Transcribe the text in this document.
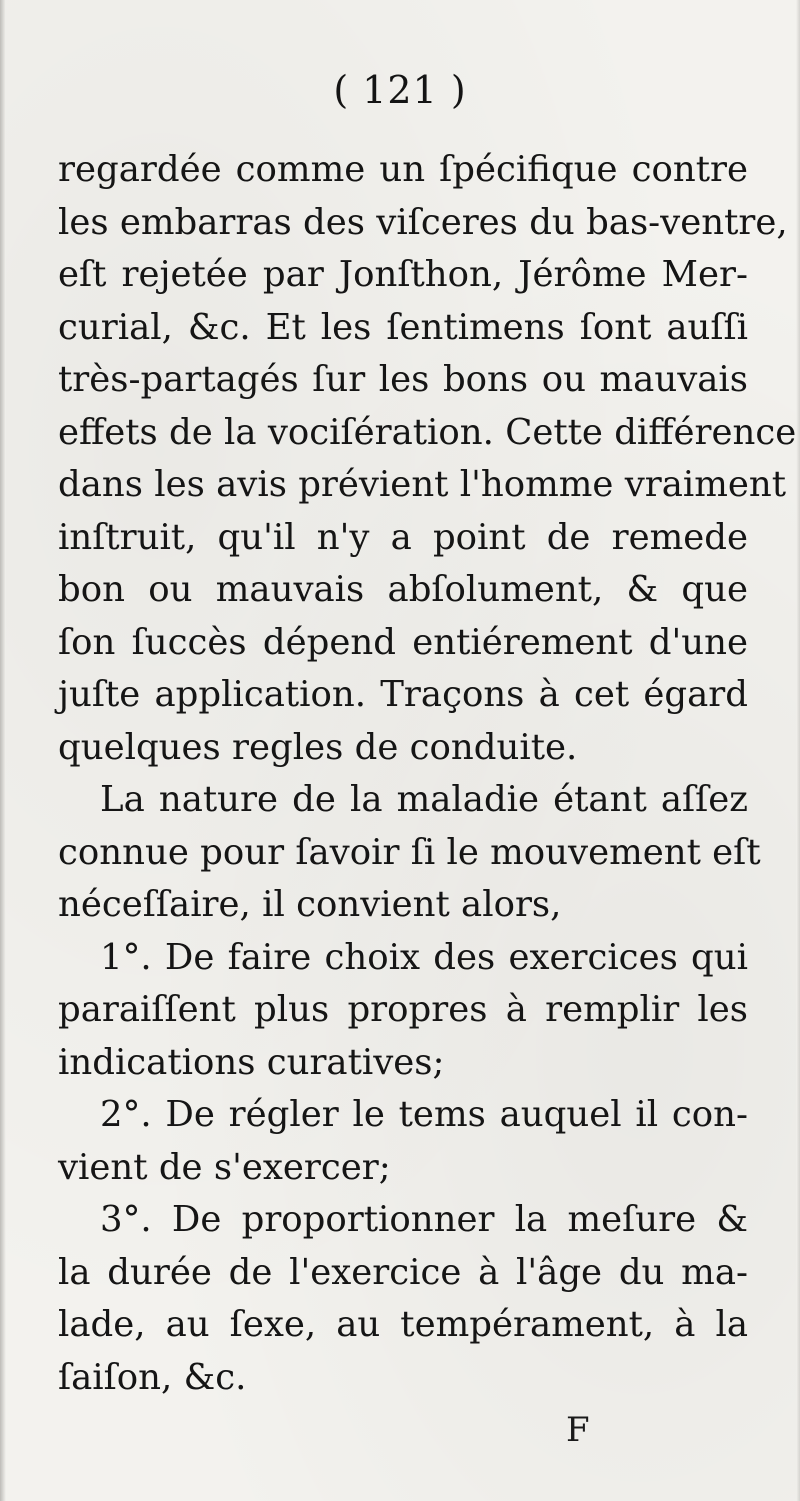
( 121 )
regardée comme un ſpécifique contre
les embarras des viſceres du bas-ventre,
eſt rejetée par Jonſthon, Jérôme Mer-
curial, &c. Et les ſentimens ſont auſſi
très-partagés ſur les bons ou mauvais
effets de la vociſération. Cette différence
dans les avis prévient l'homme vraiment
inſtruit, qu'il n'y a point de remede
bon ou mauvais abſolument, & que
ſon ſuccès dépend entiérement d'une
juſte application. Traçons à cet égard
quelques regles de conduite.
La nature de la maladie étant aſſez
connue pour ſavoir ſi le mouvement eſt
néceſſaire, il convient alors,
1°. De faire choix des exercices qui
paraiſſent plus propres à remplir les
indications curatives;
2°. De régler le tems auquel il con-
vient de s'exercer;
3°. De proportionner la meſure &
la durée de l'exercice à l'âge du ma-
lade, au ſexe, au tempérament, à la
ſaiſon, &c.
F
